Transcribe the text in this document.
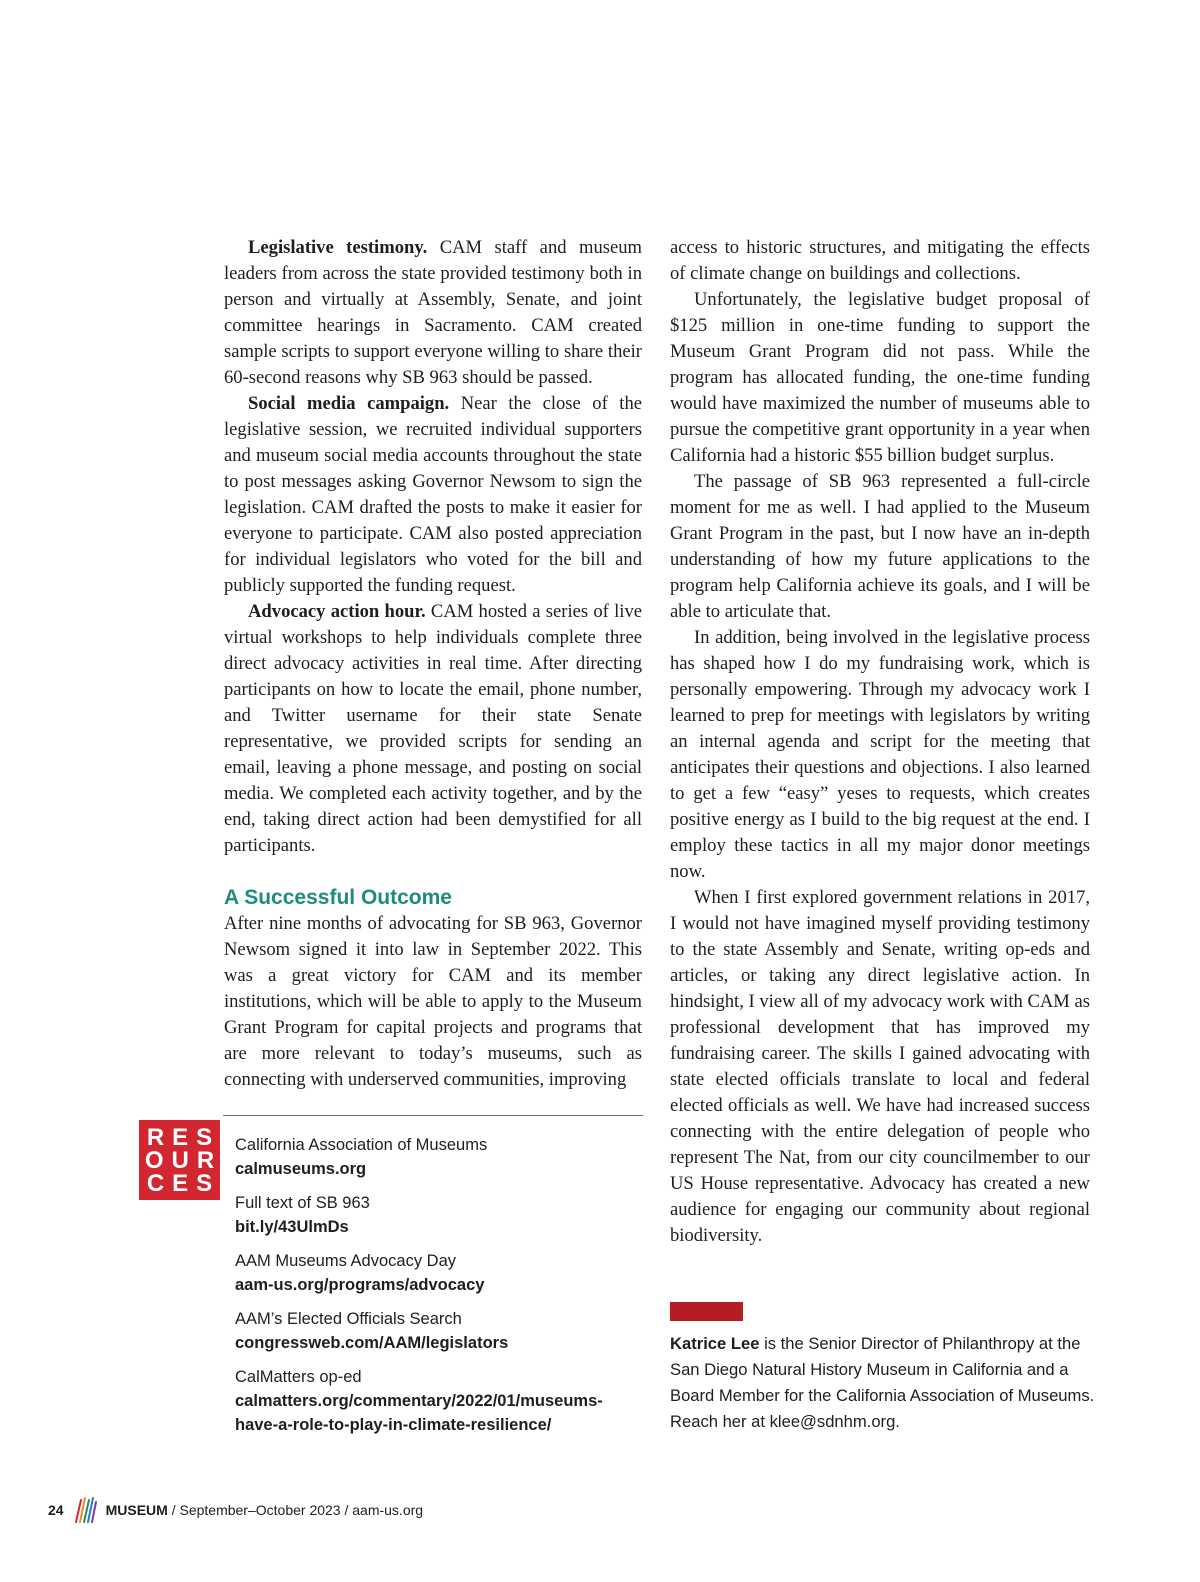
Legislative testimony. CAM staff and museum leaders from across the state provided testimony both in person and virtually at Assembly, Senate, and joint committee hearings in Sacramento. CAM created sample scripts to support everyone willing to share their 60-second reasons why SB 963 should be passed.

Social media campaign. Near the close of the legislative session, we recruited individual supporters and museum social media accounts throughout the state to post messages asking Governor Newsom to sign the legislation. CAM drafted the posts to make it easier for everyone to participate. CAM also posted appreciation for individual legislators who voted for the bill and publicly supported the funding request.

Advocacy action hour. CAM hosted a series of live virtual workshops to help individuals complete three direct advocacy activities in real time. After directing participants on how to locate the email, phone number, and Twitter username for their state Senate representative, we provided scripts for sending an email, leaving a phone message, and posting on social media. We completed each activity together, and by the end, taking direct action had been demystified for all participants.

A Successful Outcome

After nine months of advocating for SB 963, Governor Newsom signed it into law in September 2022. This was a great victory for CAM and its member institutions, which will be able to apply to the Museum Grant Program for capital projects and programs that are more relevant to today’s museums, such as connecting with underserved communities, improving

access to historic structures, and mitigating the effects of climate change on buildings and collections.

Unfortunately, the legislative budget proposal of $125 million in one-time funding to support the Museum Grant Program did not pass. While the program has allocated funding, the one-time funding would have maximized the number of museums able to pursue the competitive grant opportunity in a year when California had a historic $55 billion budget surplus.

The passage of SB 963 represented a full-circle moment for me as well. I had applied to the Museum Grant Program in the past, but I now have an in-depth understanding of how my future applications to the program help California achieve its goals, and I will be able to articulate that.

In addition, being involved in the legislative process has shaped how I do my fundraising work, which is personally empowering. Through my advocacy work I learned to prep for meetings with legislators by writing an internal agenda and script for the meeting that anticipates their questions and objections. I also learned to get a few “easy” yeses to requests, which creates positive energy as I build to the big request at the end. I employ these tactics in all my major donor meetings now.

When I first explored government relations in 2017, I would not have imagined myself providing testimony to the state Assembly and Senate, writing op-eds and articles, or taking any direct legislative action. In hindsight, I view all of my advocacy work with CAM as professional development that has improved my fundraising career. The skills I gained advocating with state elected officials translate to local and federal elected officials as well. We have had increased success connecting with the entire delegation of people who represent The Nat, from our city councilmember to our US House representative. Advocacy has created a new audience for engaging our community about regional biodiversity.

RES
OUR
CES
California Association of Museums
calmuseums.org
Full text of SB 963
bit.ly/43UlmDs
AAM Museums Advocacy Day
aam-us.org/programs/advocacy
AAM’s Elected Officials Search
congressweb.com/AAM/legislators
CalMatters op-ed
calmatters.org/commentary/2022/01/museums-have-a-role-to-play-in-climate-resilience/
Katrice Lee is the Senior Director of Philanthropy at the San Diego Natural History Museum in California and a Board Member for the California Association of Museums. Reach her at klee@sdnhm.org.
24	MUSEUM / September–October 2023 / aam-us.org
